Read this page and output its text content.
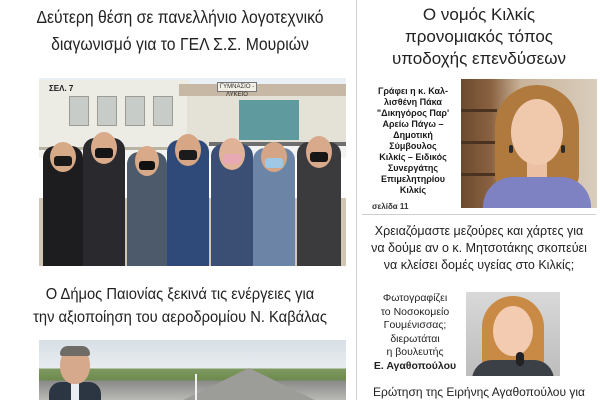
Δεύτερη θέση σε πανελλήνιο λογοτεχνικό
διαγωνισμό για το ΓΕΛ Σ.Σ. Μουριών
ΓΥΜΝΑΣΙΟ - ΛΥΚΕΙΟ
ΣΕΛ. 7
Ο Δήμος Παιονίας ξεκινά τις ενέργειες για
την αξιοποίηση του αεροδρομίου Ν. Καβάλας
Ο νομός Κιλκίς
προνομιακός τόπος
υποδοχής επενδύσεων
Γράφει η κ. Καλ-
λισθένη Πάκα
"Δικηγόρος Παρ'
Αρείω Πάγω –
Δημοτική
Σύμβουλος
Κιλκίς – Ειδικός
Συνεργάτης
Επιμελητηρίου
Κιλκίς
σελίδα 11
Χρειαζόμαστε μεζούρες και χάρτες για
να δούμε αν ο κ. Μητσοτάκης σκοπεύει
να κλείσει δομές υγείας στο Κιλκίς;
Φωτογραφίζει
το Νοσοκομείο
Γουμένισσας;
διερωτάται
η βουλευτής
Ε. Αγαθοπούλου
Ερώτηση της Ειρήνης Αγαθοπούλου για
